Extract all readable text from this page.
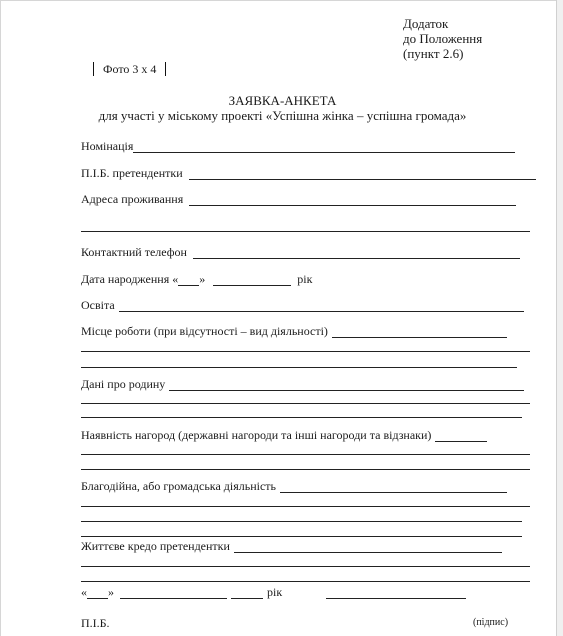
Додаток
до Положення
(пункт 2.6)
Фото 3 х 4
ЗАЯВКА-АНКЕТА
для участі у міському проекті «Успішна жінка – успішна громада»
Номінація
П.І.Б. претендентки
Адреса проживання
Контактний телефон
Дата народження « »	рік
Освіта
Місце роботи (при відсутності – вид діяльності)
Дані про родину
Наявність нагород (державні нагороди та інші нагороди та відзнаки)
Благодійна, або громадська діяльність
Життєве кредо претендентки
« »	рік
П.І.Б.	(підпис)
